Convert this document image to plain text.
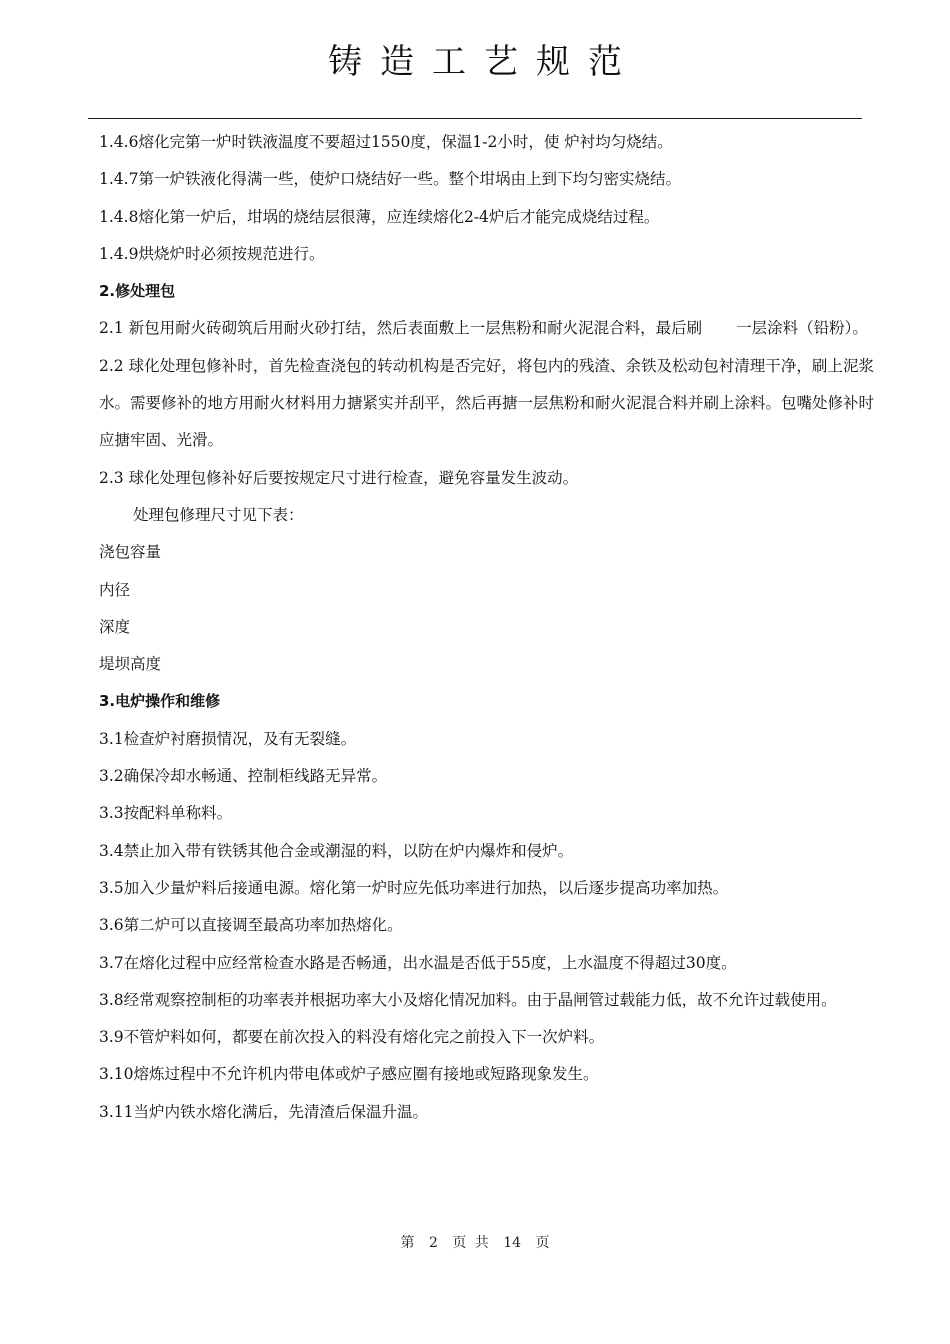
铸造工艺规范

1.4.6熔化完第一炉时铁液温度不要超过1550度，保温1-2小时，使 炉衬均匀烧结。

1.4.7第一炉铁液化得满一些，使炉口烧结好一些。整个坩埚由上到下均匀密实烧结。

1.4.8熔化第一炉后，坩埚的烧结层很薄，应连续熔化2-4炉后才能完成烧结过程。

1.4.9烘烧炉时必须按规范进行。

2.修处理包

2.1 新包用耐火砖砌筑后用耐火砂打结，然后表面敷上一层焦粉和耐火泥混合料，最后刷 一层涂料（铅粉）。

2.2 球化处理包修补时，首先检查浇包的转动机构是否完好，将包内的残渣、余铁及松动包衬清理干净，刷上泥浆水。需要修补的地方用耐火材料用力搪紧实并刮平，然后再搪一层焦粉和耐火泥混合料并刷上涂料。包嘴处修补时应搪牢固、光滑。

2.3 球化处理包修补好后要按规定尺寸进行检查，避免容量发生波动。

处理包修理尺寸见下表：

浇包容量

内径

深度

堤坝高度

3.电炉操作和维修

3.1检查炉衬磨损情况，及有无裂缝。

3.2确保冷却水畅通、控制柜线路无异常。

3.3按配料单称料。

3.4禁止加入带有铁锈其他合金或潮湿的料，以防在炉内爆炸和侵炉。

3.5加入少量炉料后接通电源。熔化第一炉时应先低功率进行加热，以后逐步提高功率加热。

3.6第二炉可以直接调至最高功率加热熔化。

3.7在熔化过程中应经常检查水路是否畅通，出水温是否低于55度，上水温度不得超过30度。

3.8经常观察控制柜的功率表并根据功率大小及熔化情况加料。由于晶闸管过载能力低，故不允许过载使用。

3.9不管炉料如何，都要在前次投入的料没有熔化完之前投入下一次炉料。

3.10熔炼过程中不允许机内带电体或炉子感应圈有接地或短路现象发生。

3.11当炉内铁水熔化满后，先清渣后保温升温。

第 2 页 共 14 页
